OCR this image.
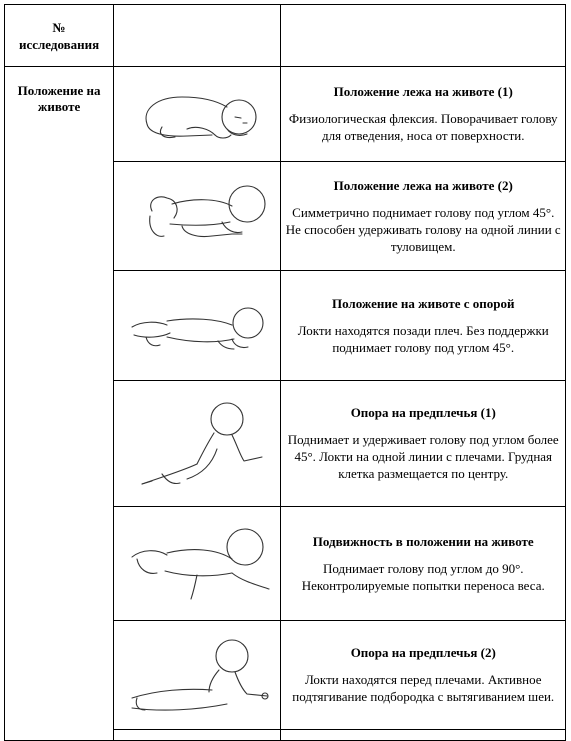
№
исследования		

Положение на животе		Положение лежа на животе (1)
Физиологическая флексия. Поворачивает голову для отведения, носа от поверхности.

Положение лежа на животе (2)
Симметрично поднимает голову под углом 45°. Не способен удерживать голову на одной линии с туловищем.

Положение на животе с опорой
Локти находятся позади плеч. Без поддержки поднимает голову под углом 45°.

Опора на предплечья (1)
Поднимает и удерживает голову под углом более 45°. Локти на одной линии с плечами. Грудная клетка размещается по центру.

Подвижность в положении на животе
Поднимает голову под углом до 90°. Неконтролируемые попытки переноса веса.

Опора на предплечья (2)
Локти находятся перед плечами. Активное подтягивание подбородка с вытягиванием шеи.
